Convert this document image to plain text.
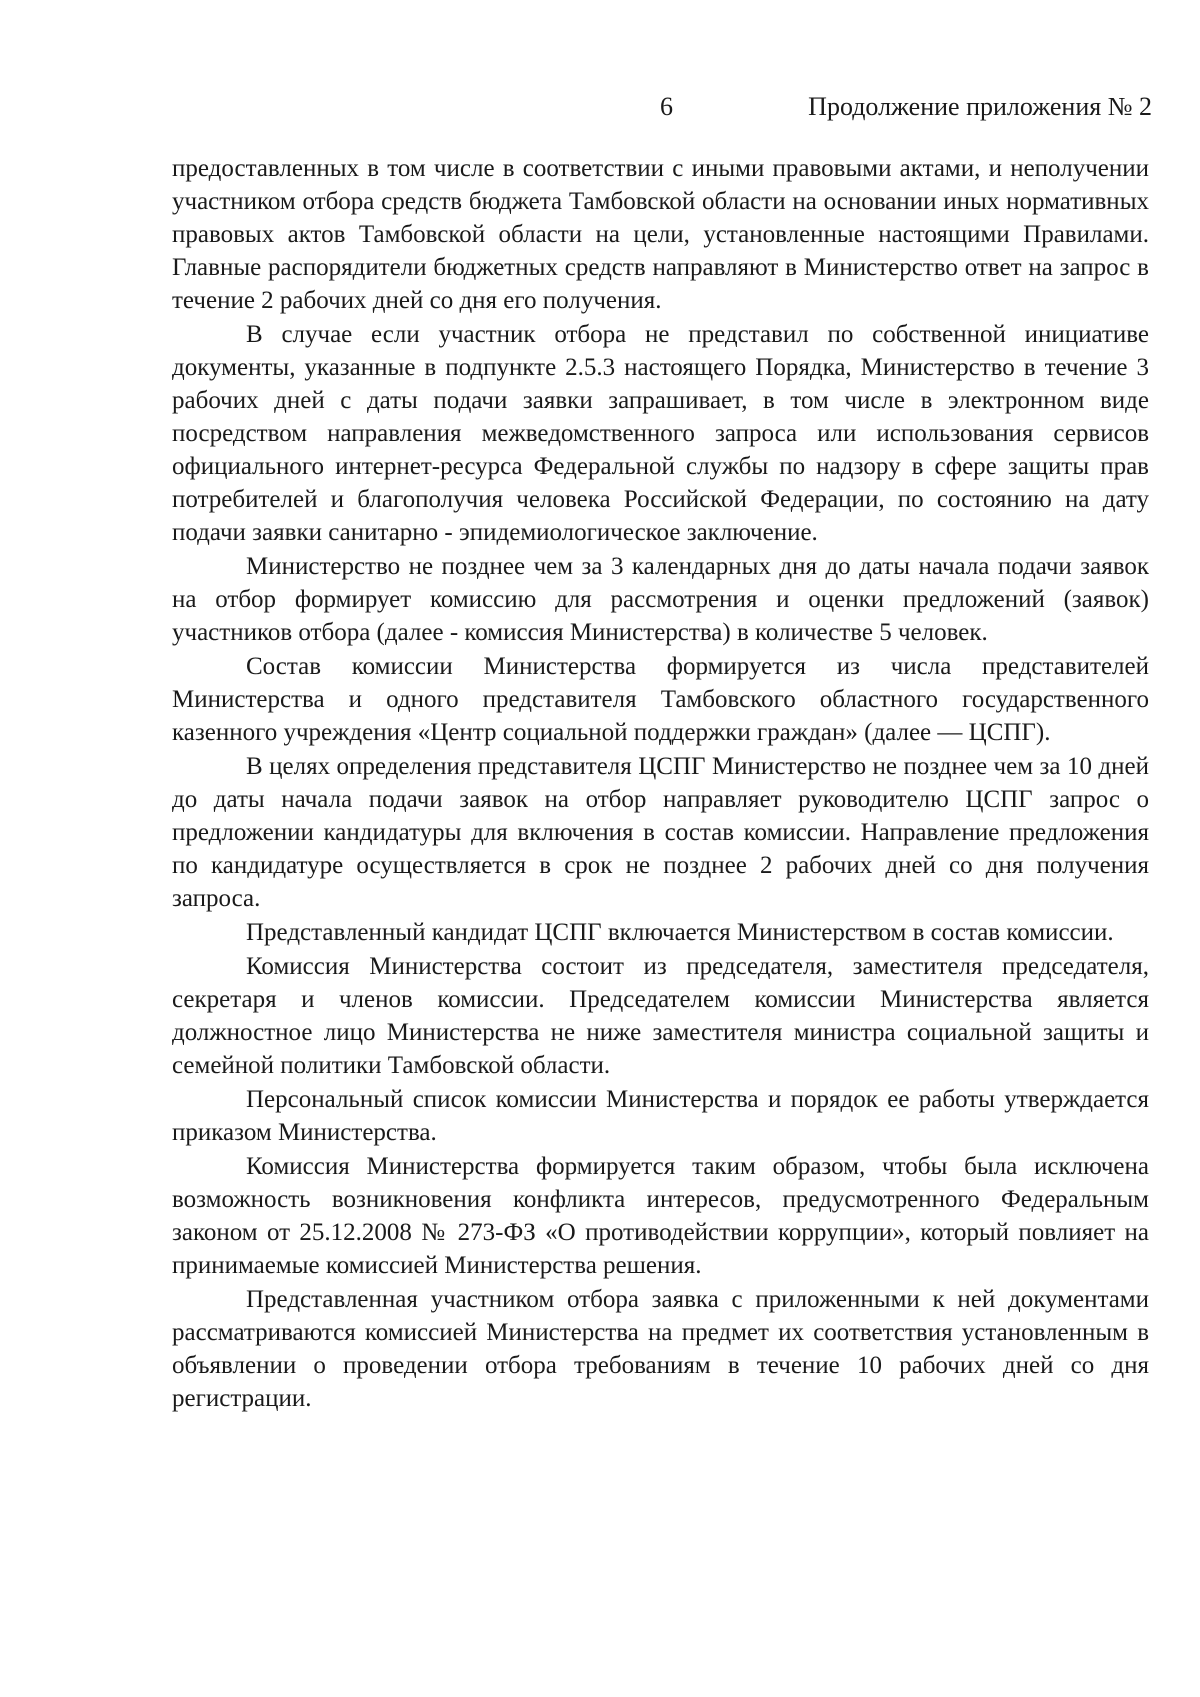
6	Продолжение приложения № 2

предоставленных в том числе в соответствии с иными правовыми актами, и неполучении участником отбора средств бюджета Тамбовской области на основании иных нормативных правовых актов Тамбовской области на цели, установленные настоящими Правилами. Главные распорядители бюджетных средств направляют в Министерство ответ на запрос в течение 2 рабочих дней со дня его получения.

В случае если участник отбора не представил по собственной инициативе документы, указанные в подпункте 2.5.3 настоящего Порядка, Министерство в течение 3 рабочих дней с даты подачи заявки запрашивает, в том числе в электронном виде посредством направления межведомственного запроса или использования сервисов официального интернет-ресурса Федеральной службы по надзору в сфере защиты прав потребителей и благополучия человека Российской Федерации, по состоянию на дату подачи заявки санитарно - эпидемиологическое заключение.

Министерство не позднее чем за 3 календарных дня до даты начала подачи заявок на отбор формирует комиссию для рассмотрения и оценки предложений (заявок) участников отбора (далее - комиссия Министерства) в количестве 5 человек.

Состав комиссии Министерства формируется из числа представителей Министерства и одного представителя Тамбовского областного государственного казенного учреждения «Центр социальной поддержки граждан» (далее — ЦСПГ).

В целях определения представителя ЦСПГ Министерство не позднее чем за 10 дней до даты начала подачи заявок на отбор направляет руководителю ЦСПГ запрос о предложении кандидатуры для включения в состав комиссии. Направление предложения по кандидатуре осуществляется в срок не позднее 2 рабочих дней со дня получения запроса.

Представленный кандидат ЦСПГ включается Министерством в состав комиссии.

Комиссия Министерства состоит из председателя, заместителя председателя, секретаря и членов комиссии. Председателем комиссии Министерства является должностное лицо Министерства не ниже заместителя министра социальной защиты и семейной политики Тамбовской области.

Персональный список комиссии Министерства и порядок ее работы утверждается приказом Министерства.

Комиссия Министерства формируется таким образом, чтобы была исключена возможность возникновения конфликта интересов, предусмотренного Федеральным законом от 25.12.2008 № 273-ФЗ «О противодействии коррупции», который повлияет на принимаемые комиссией Министерства решения.

Представленная участником отбора заявка с приложенными к ней документами рассматриваются комиссией Министерства на предмет их соответствия установленным в объявлении о проведении отбора требованиям в течение 10 рабочих дней со дня регистрации.
